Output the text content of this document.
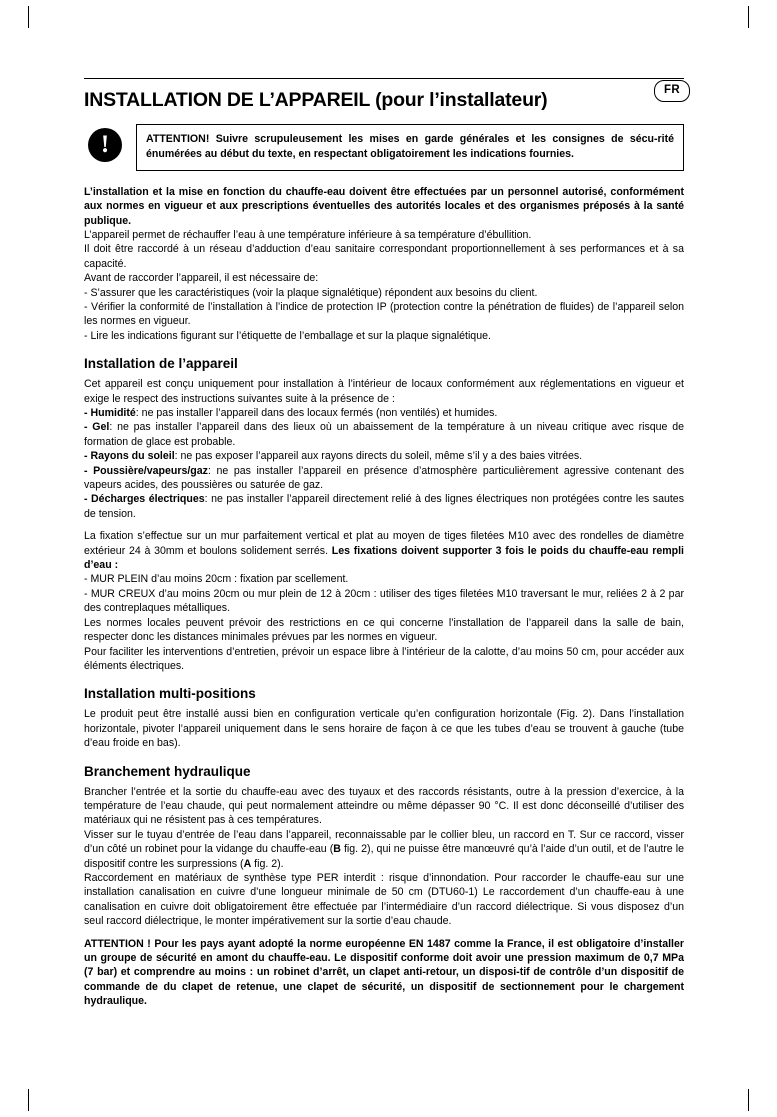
FR
INSTALLATION DE L’APPAREIL (pour l’installateur)
!	ATTENTION! Suivre scrupuleusement les mises en garde générales et les consignes de sécu-rité énumérées au début du texte, en respectant obligatoirement les indications fournies.

L’installation et la mise en fonction du chauffe-eau doivent être effectuées par un personnel autorisé, conformément aux normes en vigueur et aux prescriptions éventuelles des autorités locales et des organismes préposés à la santé publique.

L’appareil permet de réchauffer l’eau à une température inférieure à sa température d’ébullition.

Il doit être raccordé à un réseau d’adduction d’eau sanitaire correspondant proportionnellement à ses performances et à sa capacité.

Avant de raccorder l’appareil, il est nécessaire de:

- S’assurer que les caractéristiques (voir la plaque signalétique) répondent aux besoins du client.

- Vérifier la conformité de l’installation à l’indice de protection IP (protection contre la pénétration de fluides) de l’appareil selon les normes en vigueur.

- Lire les indications figurant sur l’étiquette de l’emballage et sur la plaque signalétique.

Installation de l’appareil

Cet appareil est conçu uniquement pour installation à l’intérieur de locaux conformément aux réglementations en vigueur et exige le respect des instructions suivantes suite à la présence de :

- Humidité: ne pas installer l’appareil dans des locaux fermés (non ventilés) et humides.

- Gel: ne pas installer l’appareil dans des lieux où un abaissement de la température à un niveau critique avec risque de formation de glace est probable.

- Rayons du soleil: ne pas exposer l’appareil aux rayons directs du soleil, même s’il y a des baies vitrées.

- Poussière/vapeurs/gaz: ne pas installer l’appareil en présence d’atmosphère particulièrement agressive contenant des vapeurs acides, des poussières ou saturée de gaz.

- Décharges électriques: ne pas installer l’appareil directement relié à des lignes électriques non protégées contre les sautes de tension.

La fixation s’effectue sur un mur parfaitement vertical et plat au moyen de tiges filetées M10 avec des rondelles de diamètre extérieur 24 à 30mm et boulons solidement serrés. Les fixations doivent supporter 3 fois le poids du chauffe-eau rempli d’eau :

- MUR PLEIN d’au moins 20cm : fixation par scellement.

- MUR CREUX d’au moins 20cm ou mur plein de 12 à 20cm : utiliser des tiges filetées M10 traversant le mur, reliées 2 à 2 par des contreplaques métalliques.

Les normes locales peuvent prévoir des restrictions en ce qui concerne l’installation de l’appareil dans la salle de bain, respecter donc les distances minimales prévues par les normes en vigueur.

Pour faciliter les interventions d’entretien, prévoir un espace libre à l’intérieur de la calotte, d’au moins 50 cm, pour accéder aux éléments électriques.

Installation multi-positions

Le produit peut être installé aussi bien en configuration verticale qu’en configuration horizontale (Fig. 2). Dans l’installation horizontale, pivoter l’appareil uniquement dans le sens horaire de façon à ce que les tubes d’eau se trouvent à gauche (tube d’eau froide en bas).

Branchement hydraulique

Brancher l’entrée et la sortie du chauffe-eau avec des tuyaux et des raccords résistants, outre à la pression d’exercice, à la température de l’eau chaude, qui peut normalement atteindre ou même dépasser 90 °C. Il est donc déconseillé d’utiliser des matériaux qui ne résistent pas à ces températures.

Visser sur le tuyau d’entrée de l’eau dans l’appareil, reconnaissable par le collier bleu, un raccord en T. Sur ce raccord, visser d’un côté un robinet pour la vidange du chauffe-eau (B fig. 2), qui ne puisse être manœuvré qu’à l’aide d’un outil, et de l’autre le dispositif contre les surpressions (A fig. 2).

Raccordement en matériaux de synthèse type PER interdit : risque d’innondation. Pour raccorder le chauffe-eau sur une installation canalisation en cuivre d’une longueur minimale de 50 cm (DTU60-1) Le raccordement d’un chauffe-eau à une canalisation en cuivre doit obligatoirement être effectuée par l’intermédiaire d’un raccord diélectrique. Si vous disposez d’un seul raccord diélectrique, le monter impérativement sur la sortie d’eau chaude.

ATTENTION ! Pour les pays ayant adopté la norme européenne EN 1487 comme la France, il est obligatoire d’installer un groupe de sécurité en amont du chauffe-eau. Le dispositif conforme doit avoir une pression maximum de 0,7 MPa (7 bar) et comprendre au moins : un robinet d’arrêt, un clapet anti-retour, un disposi-tif de contrôle d’un dispositif de commande de du clapet de retenue, une clapet de sécurité, un dispositif de sectionnement pour le chargement hydraulique.
